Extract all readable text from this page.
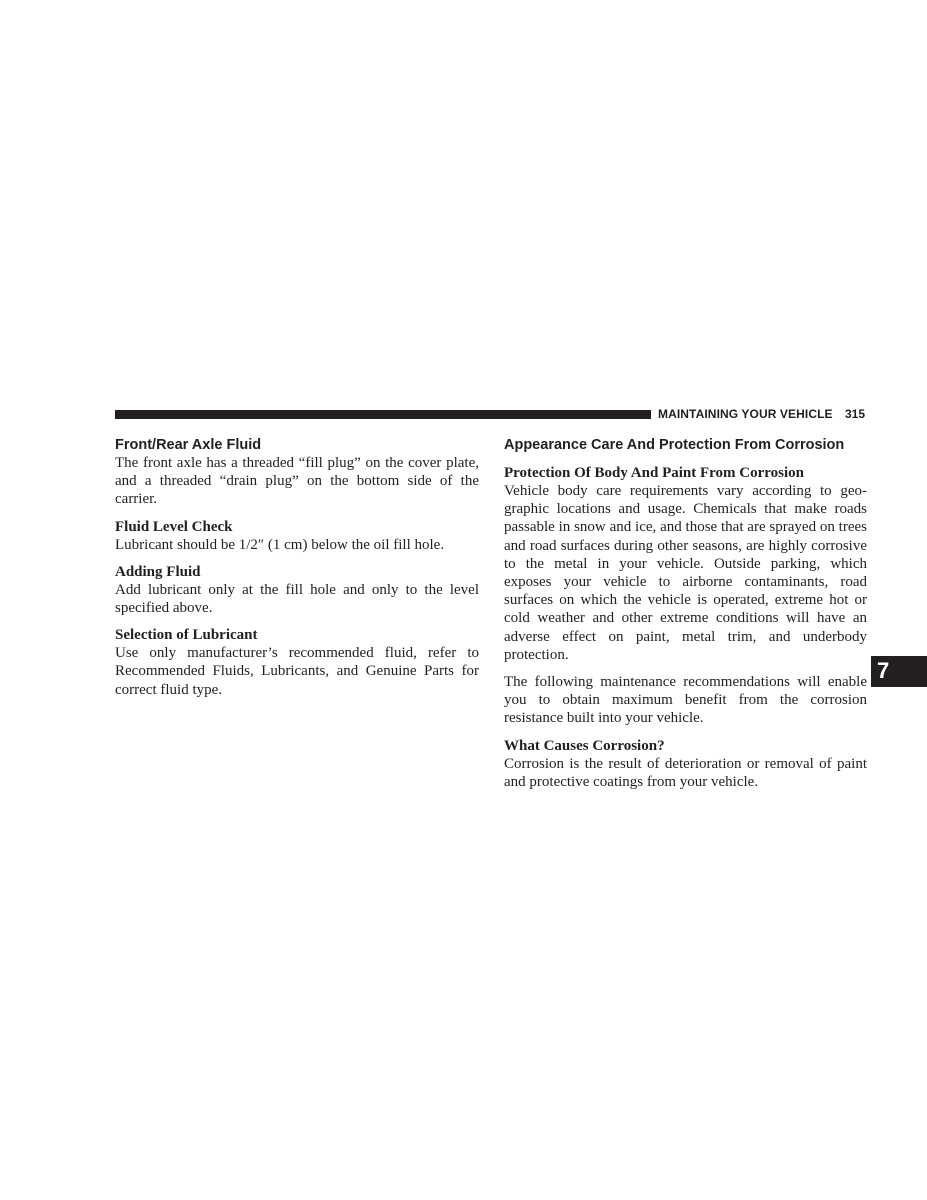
MAINTAINING YOUR VEHICLE 315
Front/Rear Axle Fluid

The front axle has a threaded “fill plug” on the cover plate, and a threaded “drain plug” on the bottom side of the carrier.

Fluid Level Check

Lubricant should be 1/2″ (1 cm) below the oil fill hole.

Adding Fluid

Add lubricant only at the fill hole and only to the level specified above.

Selection of Lubricant

Use only manufacturer’s recommended fluid, refer to Recommended Fluids, Lubricants, and Genuine Parts for correct fluid type.

Appearance Care And Protection From Corrosion
Protection Of Body And Paint From Corrosion

Vehicle body care requirements vary according to geographic locations and usage. Chemicals that make roads passable in snow and ice, and those that are sprayed on trees and road surfaces during other seasons, are highly corrosive to the metal in your vehicle. Outside parking, which exposes your vehicle to airborne contaminants, road surfaces on which the vehicle is operated, extreme hot or cold weather and other extreme conditions will have an adverse effect on paint, metal trim, and underbody protection.

The following maintenance recommendations will enable you to obtain maximum benefit from the corrosion resistance built into your vehicle.

What Causes Corrosion?

Corrosion is the result of deterioration or removal of paint and protective coatings from your vehicle.

7
